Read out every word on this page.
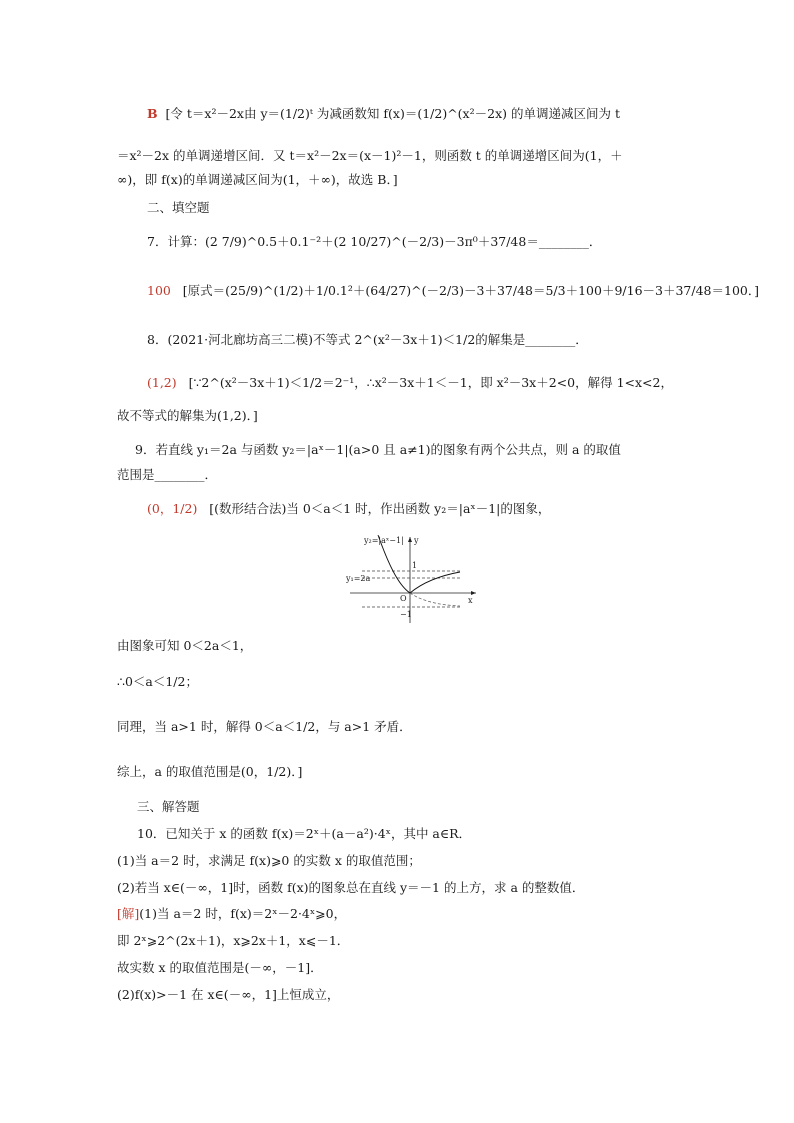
B [令 t＝x²－2x由 y＝(1/2)ᵗ 为减函数知 f(x)＝(1/2)^(x²－2x) 的单调递减区间为 t
＝x²－2x 的单调递增区间．又 t＝x²－2x＝(x－1)²－1，则函数 t 的单调递增区间为(1，＋
∞)，即 f(x)的单调递减区间为(1，＋∞)，故选 B．]
二、填空题
7．计算：(2 7/9)^0.5＋0.1⁻²＋(2 10/27)^(－2/3)－3π⁰＋37/48＝________．
100 [原式＝(25/9)^(1/2)＋1/0.1²＋(64/27)^(－2/3)－3＋37/48＝5/3＋100＋9/16－3＋37/48＝100．]
8．(2021·河北廊坊高三二模)不等式 2^(x²－3x＋1)＜1/2的解集是________．
(1,2) [∵2^(x²－3x＋1)＜1/2＝2⁻¹，∴x²－3x＋1＜－1，即 x²－3x＋2<0，解得 1<x<2，
故不等式的解集为(1,2)．]
9．若直线 y₁＝2a 与函数 y₂＝|aˣ－1|(a>0 且 a≠1)的图象有两个公共点，则 a 的取值
范围是________．
(0，1/2) [(数形结合法)当 0＜a＜1 时，作出函数 y₂＝|aˣ－1|的图象，
y₂=|aˣ−1| y
1
y₁=2a
O	x
−1
由图象可知 0＜2a＜1，
∴0＜a＜1/2；
同理，当 a>1 时，解得 0＜a＜1/2，与 a>1 矛盾．
综上，a 的取值范围是(0，1/2)．]
三、解答题
10．已知关于 x 的函数 f(x)＝2ˣ＋(a－a²)·4ˣ，其中 a∈R．
(1)当 a＝2 时，求满足 f(x)⩾0 的实数 x 的取值范围；
(2)若当 x∈(－∞，1]时，函数 f(x)的图象总在直线 y＝－1 的上方，求 a 的整数值．
[解](1)当 a＝2 时，f(x)＝2ˣ－2·4ˣ⩾0，
即 2ˣ⩾2^(2x＋1)，x⩾2x＋1，x⩽－1．
故实数 x 的取值范围是(－∞，－1]．
(2)f(x)>－1 在 x∈(－∞，1]上恒成立，
